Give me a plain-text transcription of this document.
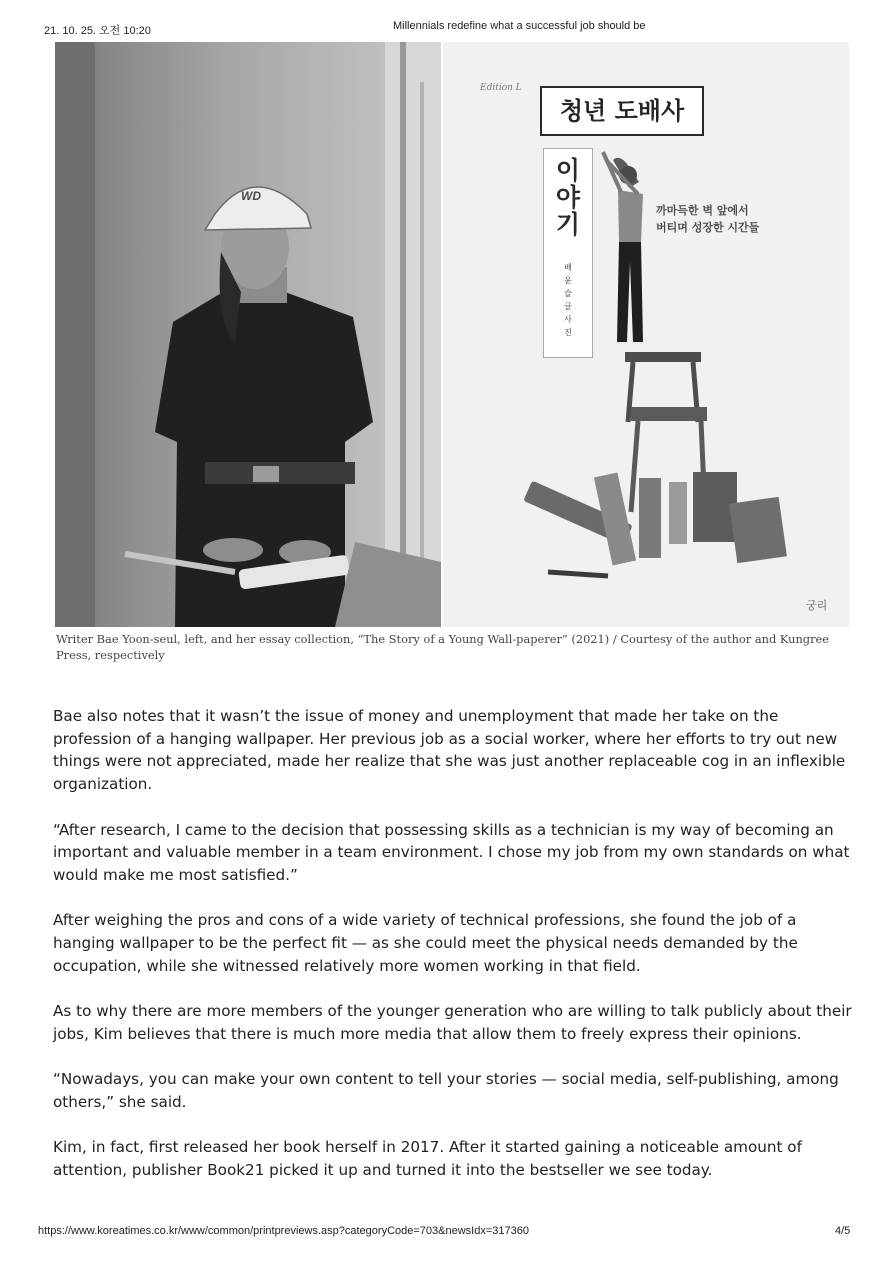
21. 10. 25. 오전 10:20	Millennials redefine what a successful job should be
WD
Edition L
청년 도배사
이야기
배윤슬 글 사진
까마득한 벽 앞에서
버티며 성장한 시간들
궁리
Writer Bae Yoon-seul, left, and her essay collection, “The Story of a Young Wall-paperer” (2021) / Courtesy of the author and Kungree Press, respectively

Bae also notes that it wasn’t the issue of money and unemployment that made her take on the profession of a hanging wallpaper. Her previous job as a social worker, where her efforts to try out new things were not appreciated, made her realize that she was just another replaceable cog in an inflexible organization.

“After research, I came to the decision that possessing skills as a technician is my way of becoming an important and valuable member in a team environment. I chose my job from my own standards on what would make me most satisfied.”

After weighing the pros and cons of a wide variety of technical professions, she found the job of a hanging wallpaper to be the perfect fit — as she could meet the physical needs demanded by the occupation, while she witnessed relatively more women working in that field.

As to why there are more members of the younger generation who are willing to talk publicly about their jobs, Kim believes that there is much more media that allow them to freely express their opinions.

“Nowadays, you can make your own content to tell your stories — social media, self-publishing, among others,” she said.

Kim, in fact, first released her book herself in 2017. After it started gaining a noticeable amount of attention, publisher Book21 picked it up and turned it into the bestseller we see today.

https://www.koreatimes.co.kr/www/common/printpreviews.asp?categoryCode=703&newsIdx=317360	4/5
